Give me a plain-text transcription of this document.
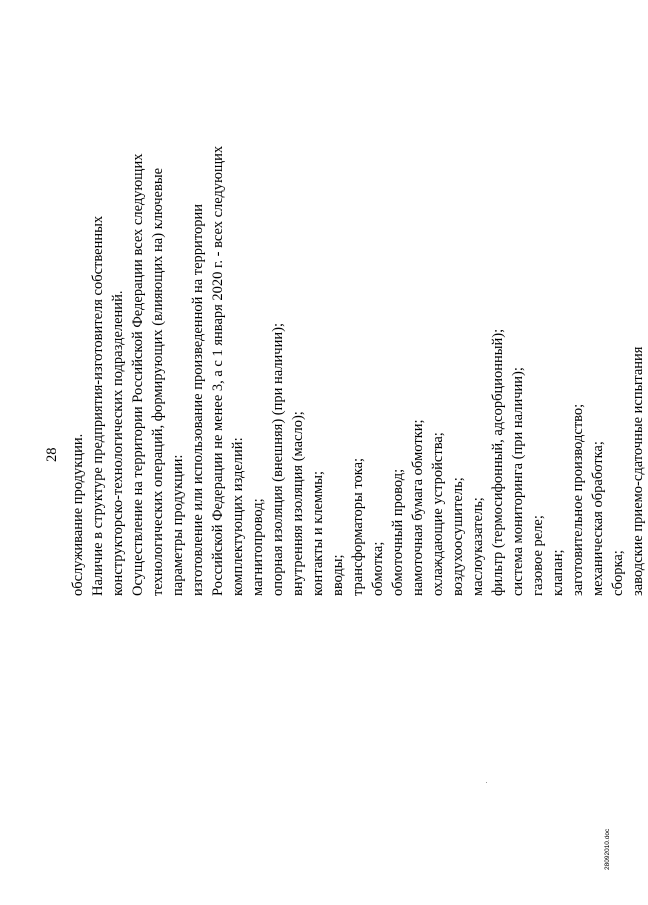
28 обслуживание продукции. Наличие в структуре предприятия-изготовителя собственных конструкторско-технологических подразделений. Осуществление на территории Российской Федерации всех следующих технологических операций, формирующих (влияющих на) ключевые параметры продукции: изготовление или использование произведенной на территории Российской Федерации не менее 3, а с 1 января 2020 г. - всех следующих комплектующих изделий: магнитопровод; опорная изоляция (внешняя) (при наличии); внутренняя изоляция (масло); контакты и клеммы; вводы; трансформаторы тока; обмотка; обмоточный провод; намоточная бумага обмотки; охлаждающие устройства; воздухоосушитель; маслоуказатель; фильтр (термосифонный, адсорбционный); система мониторинга (при наличии); газовое реле; клапан; заготовительное производство; механическая обработка; сборка; заводские приемо-сдаточные испытания
28092010.doc
